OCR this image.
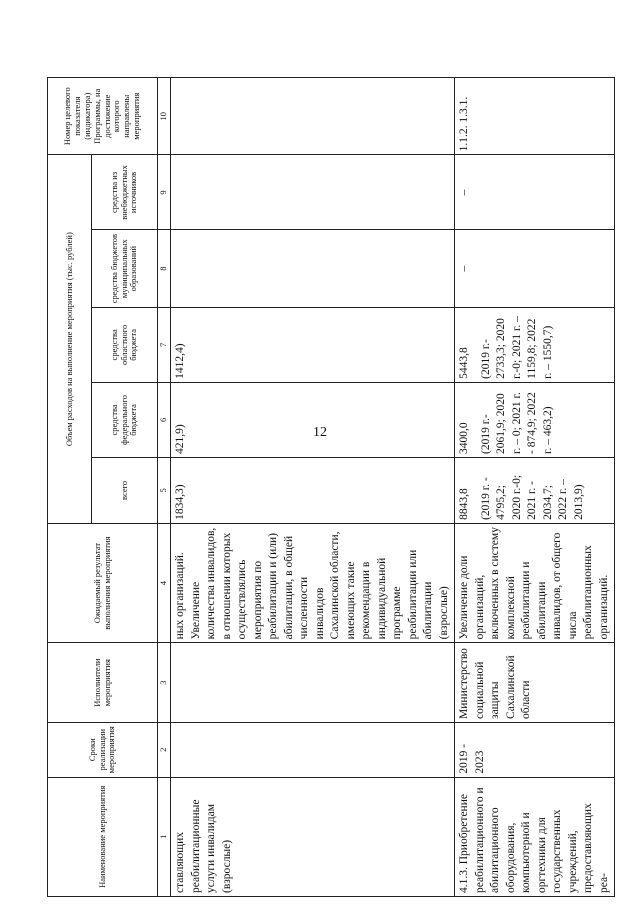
12
Наименование мероприятия	Сроки реализации мероприятия	Исполнители мероприятия	Ожидаемый результат выполнения мероприятия	Объем расходов на выполнение мероприятия (тыс. рублей)					Номер целевого показателя (индикатора) Программы, на достижение которого направлены мероприятия
				всего	средства федерального бюджета	средства областного бюджета	средства бюджетов муниципальных образований	средства из внебюджетных источников	
1	2	3	4	5	6	7	8	9	10
ставляющих реабилитационные услуги инвалидам (взрослые)			ных организаций. Увеличение количества инвалидов, в отношении которых осуществлялись мероприятия по реабилитации и (или) абилитации, в общей численности инвалидов Сахалинской области, имеющих такие рекомендации в индивидуальной программе реабилитации или абилитации (взрослые)	1834,3)	421,9)	1412,4)			
4.1.3. Приобретение реабилитационного и абилитационного оборудования, компьютерной и оргтехники для государственных учреждений, предоставляющих реа-	2019 - 2023	Министерство социальной защиты Сахалинской области	Увеличение доли организаций, включенных в систему комплексной реабилитации и абилитации инвалидов, от общего числа реабилитационных организаций.	8843,8 (2019 г. - 4795,2; 2020 г.-0; 2021 г. - 2034,7; 2022 г. – 2013,9)	3400,0 (2019 г.- 2061,9; 2020 г. – 0; 2021 г. - 874,9; 2022 г. – 463,2)	5443,8 (2019 г.- 2733,3; 2020 г.-0; 2021 г. – 1159,8; 2022 г. – 1550,7)	–	–	1.1.2. 1.3.1.
